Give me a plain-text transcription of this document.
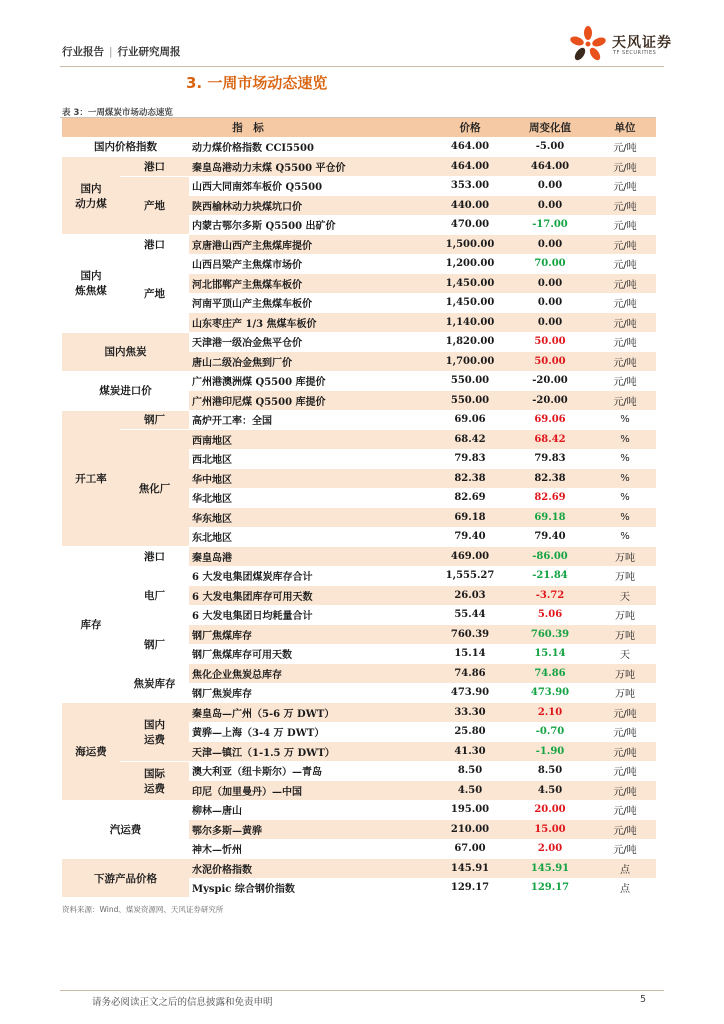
行业报告 | 行业研究周报
天风证券
TF SECURITIES
3. 一周市场动态速览
表 3：一周煤炭市场动态速览
指　标			价格	周变化值	单位
国内价格指数		动力煤价格指数 CCI5500	464.00	-5.00	元/吨
国内
动力煤	港口	秦皇岛港动力末煤 Q5500 平仓价	464.00	464.00	元/吨
	产地	山西大同南郊车板价 Q5500	353.00	0.00	元/吨
		陕西榆林动力块煤坑口价	440.00	0.00	元/吨
		内蒙古鄂尔多斯 Q5500 出矿价	470.00	-17.00	元/吨
国内
炼焦煤	港口	京唐港山西产主焦煤库提价	1,500.00	0.00	元/吨
	产地	山西吕梁产主焦煤市场价	1,200.00	70.00	元/吨
		河北邯郸产主焦煤车板价	1,450.00	0.00	元/吨
		河南平顶山产主焦煤车板价	1,450.00	0.00	元/吨
		山东枣庄产 1/3 焦煤车板价	1,140.00	0.00	元/吨
国内焦炭		天津港一级冶金焦平仓价	1,820.00	50.00	元/吨
		唐山二级冶金焦到厂价	1,700.00	50.00	元/吨
煤炭进口价		广州港澳洲煤 Q5500 库提价	550.00	-20.00	元/吨
		广州港印尼煤 Q5500 库提价	550.00	-20.00	元/吨
开工率	钢厂	高炉开工率：全国	69.06	69.06	%
	焦化厂	西南地区	68.42	68.42	%
		西北地区	79.83	79.83	%
		华中地区	82.38	82.38	%
		华北地区	82.69	82.69	%
		华东地区	69.18	69.18	%
		东北地区	79.40	79.40	%
库存	港口	秦皇岛港	469.00	-86.00	万吨
	电厂	6 大发电集团煤炭库存合计	1,555.27	-21.84	万吨
		6 大发电集团库存可用天数	26.03	-3.72	天
		6 大发电集团日均耗量合计	55.44	5.06	万吨
	钢厂	钢厂焦煤库存	760.39	760.39	万吨
		钢厂焦煤库存可用天数	15.14	15.14	天
	焦炭库存	焦化企业焦炭总库存	74.86	74.86	万吨
		钢厂焦炭库存	473.90	473.90	万吨
海运费	国内
运费	秦皇岛—广州（5-6 万 DWT）	33.30	2.10	元/吨
		黄骅—上海（3-4 万 DWT）	25.80	-0.70	元/吨
		天津—镇江（1-1.5 万 DWT）	41.30	-1.90	元/吨
	国际
运费	澳大利亚（纽卡斯尔）—青岛	8.50	8.50	元/吨
		印尼（加里曼丹）—中国	4.50	4.50	元/吨
汽运费		柳林—唐山	195.00	20.00	元/吨
		鄂尔多斯—黄骅	210.00	15.00	元/吨
		神木—忻州	67.00	2.00	元/吨
下游产品价格		水泥价格指数	145.91	145.91	点
		Myspic 综合钢价指数	129.17	129.17	点
资料来源：Wind、煤炭资源网、天风证券研究所
请务必阅读正文之后的信息披露和免责申明	5
